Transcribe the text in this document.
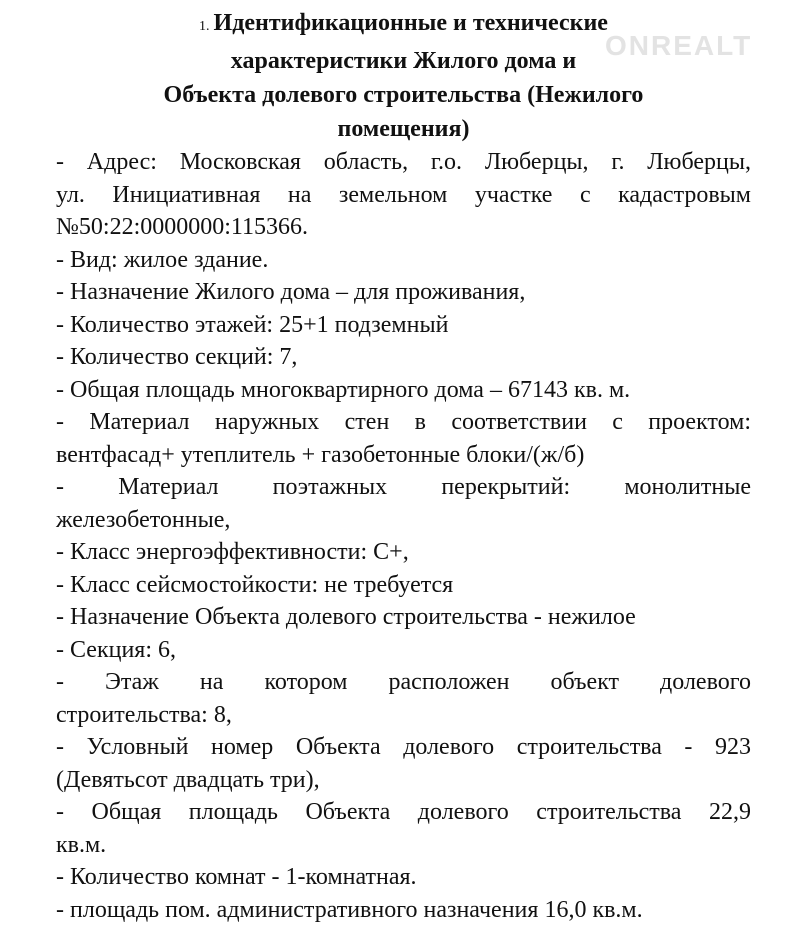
ONREALT
1. Идентификационные и технические
характеристики Жилого дома и
Объекта долевого строительства (Нежилого
помещения)
- Адрес: Московская область, г.о. Люберцы, г. Люберцы,
ул. Инициативная на земельном участке с кадастровым
№50:22:0000000:115366.
- Вид: жилое здание.
- Назначение Жилого дома – для проживания,
- Количество этажей: 25+1 подземный
- Количество секций: 7,
- Общая площадь многоквартирного дома – 67143 кв. м.
- Материал наружных стен в соответствии с проектом:
вентфасад+ утеплитель + газобетонные блоки/(ж/б)
- Материал поэтажных перекрытий: монолитные
железобетонные,
- Класс энергоэффективности: С+,
- Класс сейсмостойкости: не требуется
- Назначение Объекта долевого строительства - нежилое
- Секция: 6,
- Этаж на котором расположен объект долевого
строительства: 8,
- Условный номер Объекта долевого строительства - 923
(Девятьсот двадцать три),
- Общая площадь Объекта долевого строительства 22,9
кв.м.
- Количество комнат - 1-комнатная.
- площадь пом. административного назначения 16,0 кв.м.
